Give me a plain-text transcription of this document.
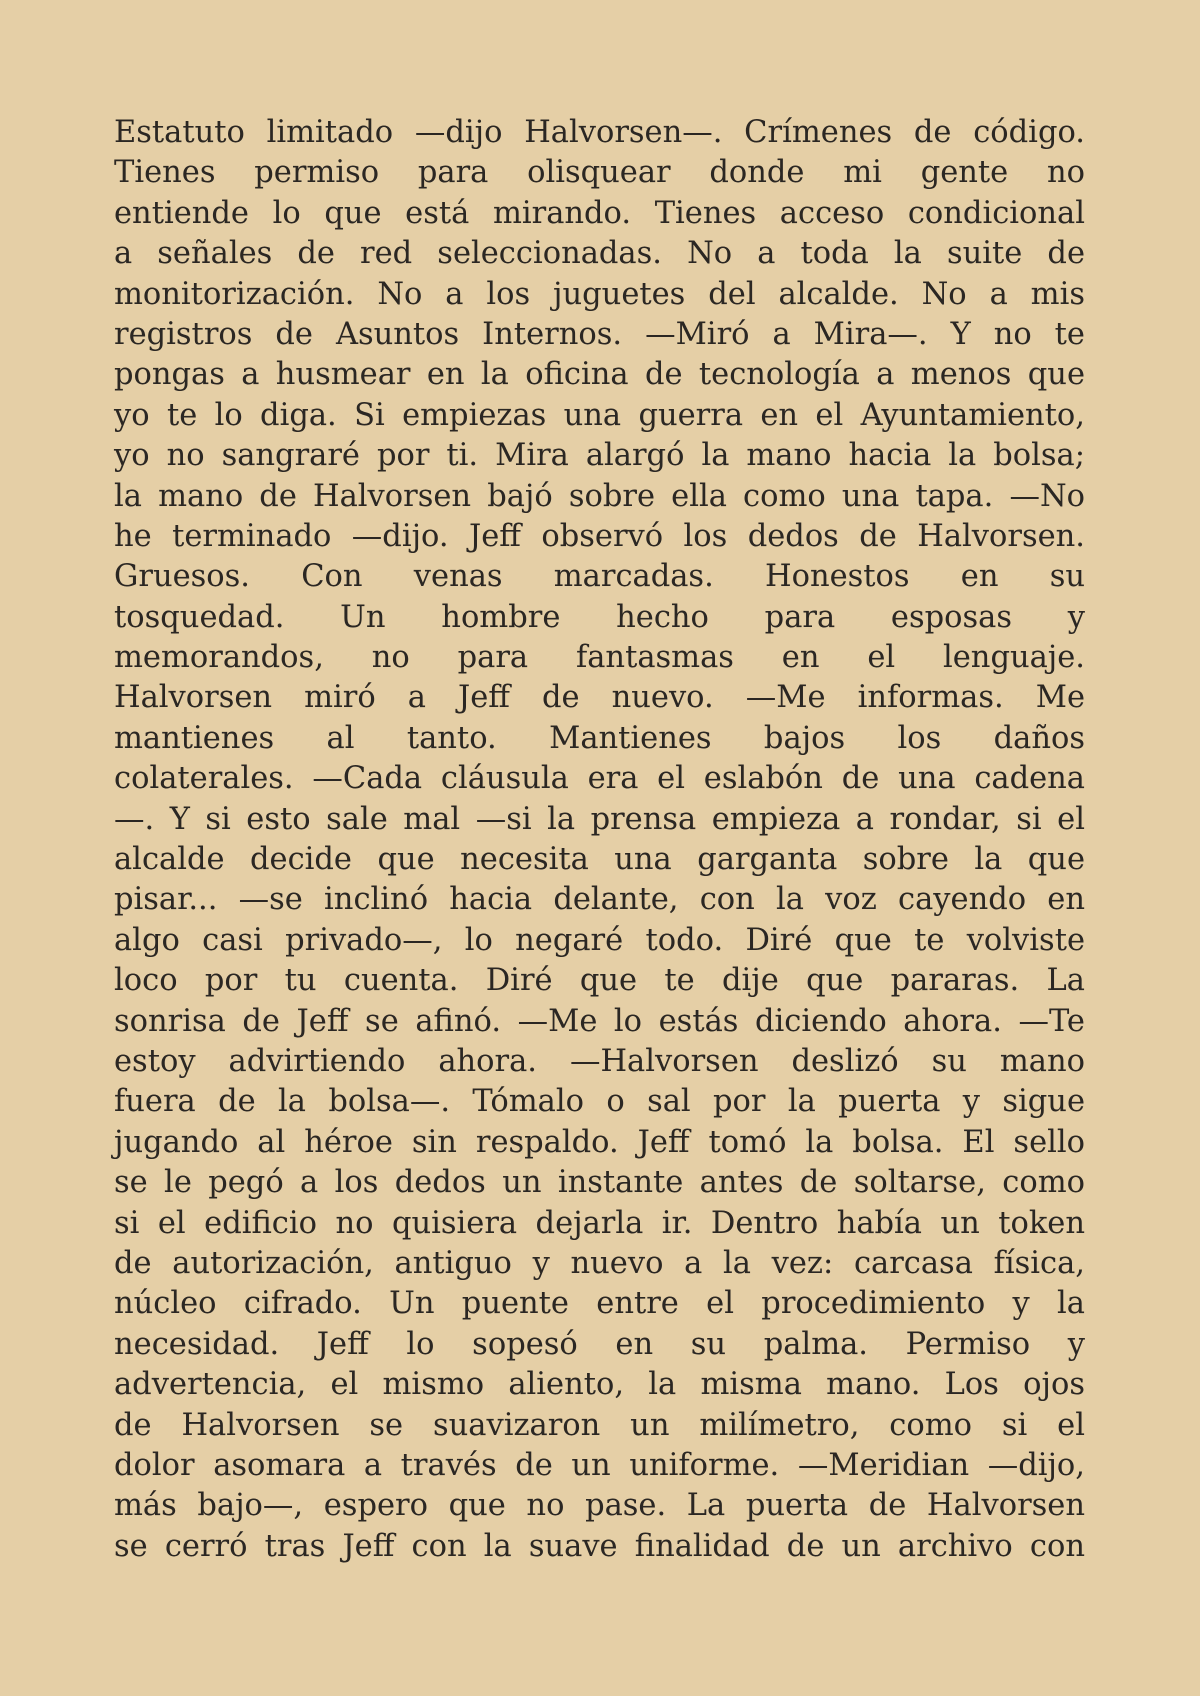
Estatuto limitado —dijo Halvorsen—. Crímenes de código.
Tienes permiso para olisquear donde mi gente no
entiende lo que está mirando. Tienes acceso condicional
a señales de red seleccionadas. No a toda la suite de
monitorización. No a los juguetes del alcalde. No a mis
registros de Asuntos Internos. —Miró a Mira—. Y no te
pongas a husmear en la oficina de tecnología a menos que
yo te lo diga. Si empiezas una guerra en el Ayuntamiento,
yo no sangraré por ti. Mira alargó la mano hacia la bolsa;
la mano de Halvorsen bajó sobre ella como una tapa. —No
he terminado —dijo. Jeff observó los dedos de Halvorsen.
Gruesos. Con venas marcadas. Honestos en su
tosquedad. Un hombre hecho para esposas y
memorandos, no para fantasmas en el lenguaje.
Halvorsen miró a Jeff de nuevo. —Me informas. Me
mantienes al tanto. Mantienes bajos los daños
colaterales. —Cada cláusula era el eslabón de una cadena
—. Y si esto sale mal —si la prensa empieza a rondar, si el
alcalde decide que necesita una garganta sobre la que
pisar... —se inclinó hacia delante, con la voz cayendo en
algo casi privado—, lo negaré todo. Diré que te volviste
loco por tu cuenta. Diré que te dije que pararas. La
sonrisa de Jeff se afinó. —Me lo estás diciendo ahora. —Te
estoy advirtiendo ahora. —Halvorsen deslizó su mano
fuera de la bolsa—. Tómalo o sal por la puerta y sigue
jugando al héroe sin respaldo. Jeff tomó la bolsa. El sello
se le pegó a los dedos un instante antes de soltarse, como
si el edificio no quisiera dejarla ir. Dentro había un token
de autorización, antiguo y nuevo a la vez: carcasa física,
núcleo cifrado. Un puente entre el procedimiento y la
necesidad. Jeff lo sopesó en su palma. Permiso y
advertencia, el mismo aliento, la misma mano. Los ojos
de Halvorsen se suavizaron un milímetro, como si el
dolor asomara a través de un uniforme. —Meridian —dijo,
más bajo—, espero que no pase. La puerta de Halvorsen
se cerró tras Jeff con la suave finalidad de un archivo con
